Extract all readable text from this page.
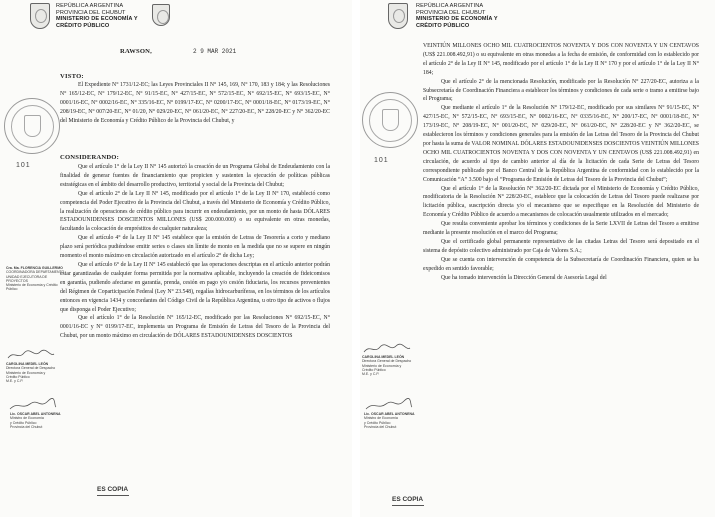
REPÚBLICA ARGENTINA
PROVINCIA DEL CHUBUT
MINISTERIO DE ECONOMÍA Y
CRÉDITO PÚBLICO
RAWSON,	2 9 MAR 2021
VISTO:

El Expediente N° 1731/12-EC; las Leyes Provinciales II N° 145, 169, N° 170, 183 y 184; y las Resoluciones N° 165/12-EC, N° 179/12-EC, N° 91/15-EC, N° 427/15-EC, N° 572/15-EC, N° 692/15-EC, N° 693/15-EC, N° 0001/16-EC, N° 0002/16-EC, N° 335/16-EC, N° 0199/17-EC, N° 0200/17-EC, N° 0001/18-EC, N° 0173/19-EC, N° 208/19-EC, N° 007/20-EC, N° 01/20, N° 029/20-EC, N° 061/20-EC, N° 227/20-EC, N° 228/20-EC y N° 362/20-EC del Ministerio de Economía y Crédito Público de la Provincia del Chubut, y

CONSIDERANDO:

Que el artículo 1° de la Ley II N° 145 autorizó la creación de un Programa Global de Endeudamiento con la finalidad de generar fuentes de financiamiento que propicien y sustenten la ejecución de políticas públicas estratégicas en el ámbito del desarrollo productivo, territorial y social de la Provincia del Chubut;

Que el artículo 2° de la Ley II N° 145, modificado por el artículo 1° de la Ley II N° 170, estableció como competencia del Poder Ejecutivo de la Provincia del Chubut, a través del Ministerio de Economía y Crédito Público, la realización de operaciones de crédito público para incurrir en endeudamiento, por un monto de hasta DÓLARES ESTADOUNIDENSES DOSCIENTOS MILLONES (US$ 200.000.000) o su equivalente en otras monedas, facultando la colocación de empréstitos de cualquier naturaleza;

Que el artículo 4° de la Ley II N° 145 establece que la emisión de Letras de Tesorería a corto y mediano plazo será periódica pudiéndose emitir series o clases sin límite de monto en la medida que no se supere en ningún momento el monto máximo en circulación autorizado en el artículo 2° de dicha Ley;

Que el artículo 6° de la Ley II N° 145 estableció que las operaciones descriptas en el artículo anterior podrán estar garantizadas de cualquier forma permitida por la normativa aplicable, incluyendo la creación de fideicomisos en garantía, pudiendo afectarse en garantía, prenda, cesión en pago y/o cesión fiduciaria, los recursos provenientes del Régimen de Coparticipación Federal (Ley N° 23.548), regalías hidrocarburíferas, en los términos de los artículos entonces en vigencia 1434 y concordantes del Código Civil de la República Argentina, u otro tipo de activos o flujos que disponga el Poder Ejecutivo;

Que el artículo 1° de la Resolución N° 165/12-EC, modificado por las Resoluciones N° 692/15-EC, N° 0001/16-EC y N° 0199/17-EC, implementa un Programa de Emisión de Letras del Tesoro de la Provincia del Chubut, por un monto máximo en circulación de DÓLARES ESTADOUNIDENSES DOSCIENTOS

101
Cra. Ma. FLORENCIA GUILLERMO
COORDINADORA DEPARTAMENTO
UNIDAD EJECUTORA DE PROYECTOS
Ministerio de Economía y Crédito Público
CAROLINA MEDEL LEÓN
Directora General de Despacho
Ministerio de Economía y
Crédito Público
M.E. y C.P.
Lic. OSCAR ABEL ANTONENA
Ministro de Economía
y Crédito Público
Provincia del Chubut
ES COPIA
REPÚBLICA ARGENTINA
PROVINCIA DEL CHUBUT
MINISTERIO DE ECONOMÍA Y
CRÉDITO PÚBLICO

VEINTIÚN MILLONES OCHO MIL CUATROCIENTOS NOVENTA Y DOS CON NOVENTA Y UN CENTAVOS (US$ 221.008.492,91) o su equivalente en otras monedas a la fecha de emisión, de conformidad con lo establecido por el artículo 2° de la Ley II N° 145, modificado por el artículo 1° de la Ley II N° 170 y por el artículo 1° de la Ley II N° 184;

Que el artículo 2° de la mencionada Resolución, modificado por la Resolución N° 227/20-EC, autoriza a la Subsecretaría de Coordinación Financiera a establecer los términos y condiciones de cada serie o tramo a emitirse bajo el Programa;

Que mediante el artículo 1° de la Resolución N° 179/12-EC, modificado por sus similares N° 91/15-EC, N° 427/15-EC, N° 572/15-EC, N° 693/15-EC, N° 0002/16-EC, N° 0335/16-EC, N° 200/17-EC, N° 0001/18-EC, N° 173/19-EC, N° 208/19-EC, N° 001/20-EC, N° 029/20-EC, N° 061/20-EC, N° 228/20-EC y N° 362/20-EC, se establecieron los términos y condiciones generales para la emisión de las Letras del Tesoro de la Provincia del Chubut por hasta la suma de VALOR NOMINAL DÓLARES ESTADOUNIDENSES DOSCIENTOS VEINTIÚN MILLONES OCHO MIL CUATROCIENTOS NOVENTA Y DOS CON NOVENTA Y UN CENTAVOS (US$ 221.008.492,91) en circulación, de acuerdo al tipo de cambio anterior al día de la licitación de cada Serie de Letras del Tesoro correspondiente publicado por el Banco Central de la República Argentina de conformidad con lo establecido por la Comunicación “A” 3.500 bajo el “Programa de Emisión de Letras del Tesoro de la Provincia del Chubut”;

Que el artículo 1° de la Resolución N° 362/20-EC dictada por el Ministerio de Economía y Crédito Público, modificatoria de la Resolución N° 228/20-EC, establece que la colocación de Letras del Tesoro puede realizarse por licitación pública, suscripción directa y/o el mecanismo que se especifique en la Resolución del Ministerio de Economía y Crédito Público de acuerdo a mecanismos de colocación usualmente utilizados en el mercado;

Que resulta conveniente aprobar los términos y condiciones de la Serie LXVII de Letras del Tesoro a emitirse mediante la presente resolución en el marco del Programa;

Que el certificado global permanente representativo de las citadas Letras del Tesoro será depositado en el sistema de depósito colectivo administrado por Caja de Valores S.A.;

Que se cuenta con intervención de competencia de la Subsecretaría de Coordinación Financiera, quien se ha expedido en sentido favorable;

Que ha tomado intervención la Dirección General de Asesoría Legal del

101
CAROLINA MEDEL LEÓN
Directora General de Despacho
Ministerio de Economía y
Crédito Público
M.E. y C.P.
Lic. OSCAR ABEL ANTONENA
Ministro de Economía
y Crédito Público
Provincia del Chubut
ES COPIA
